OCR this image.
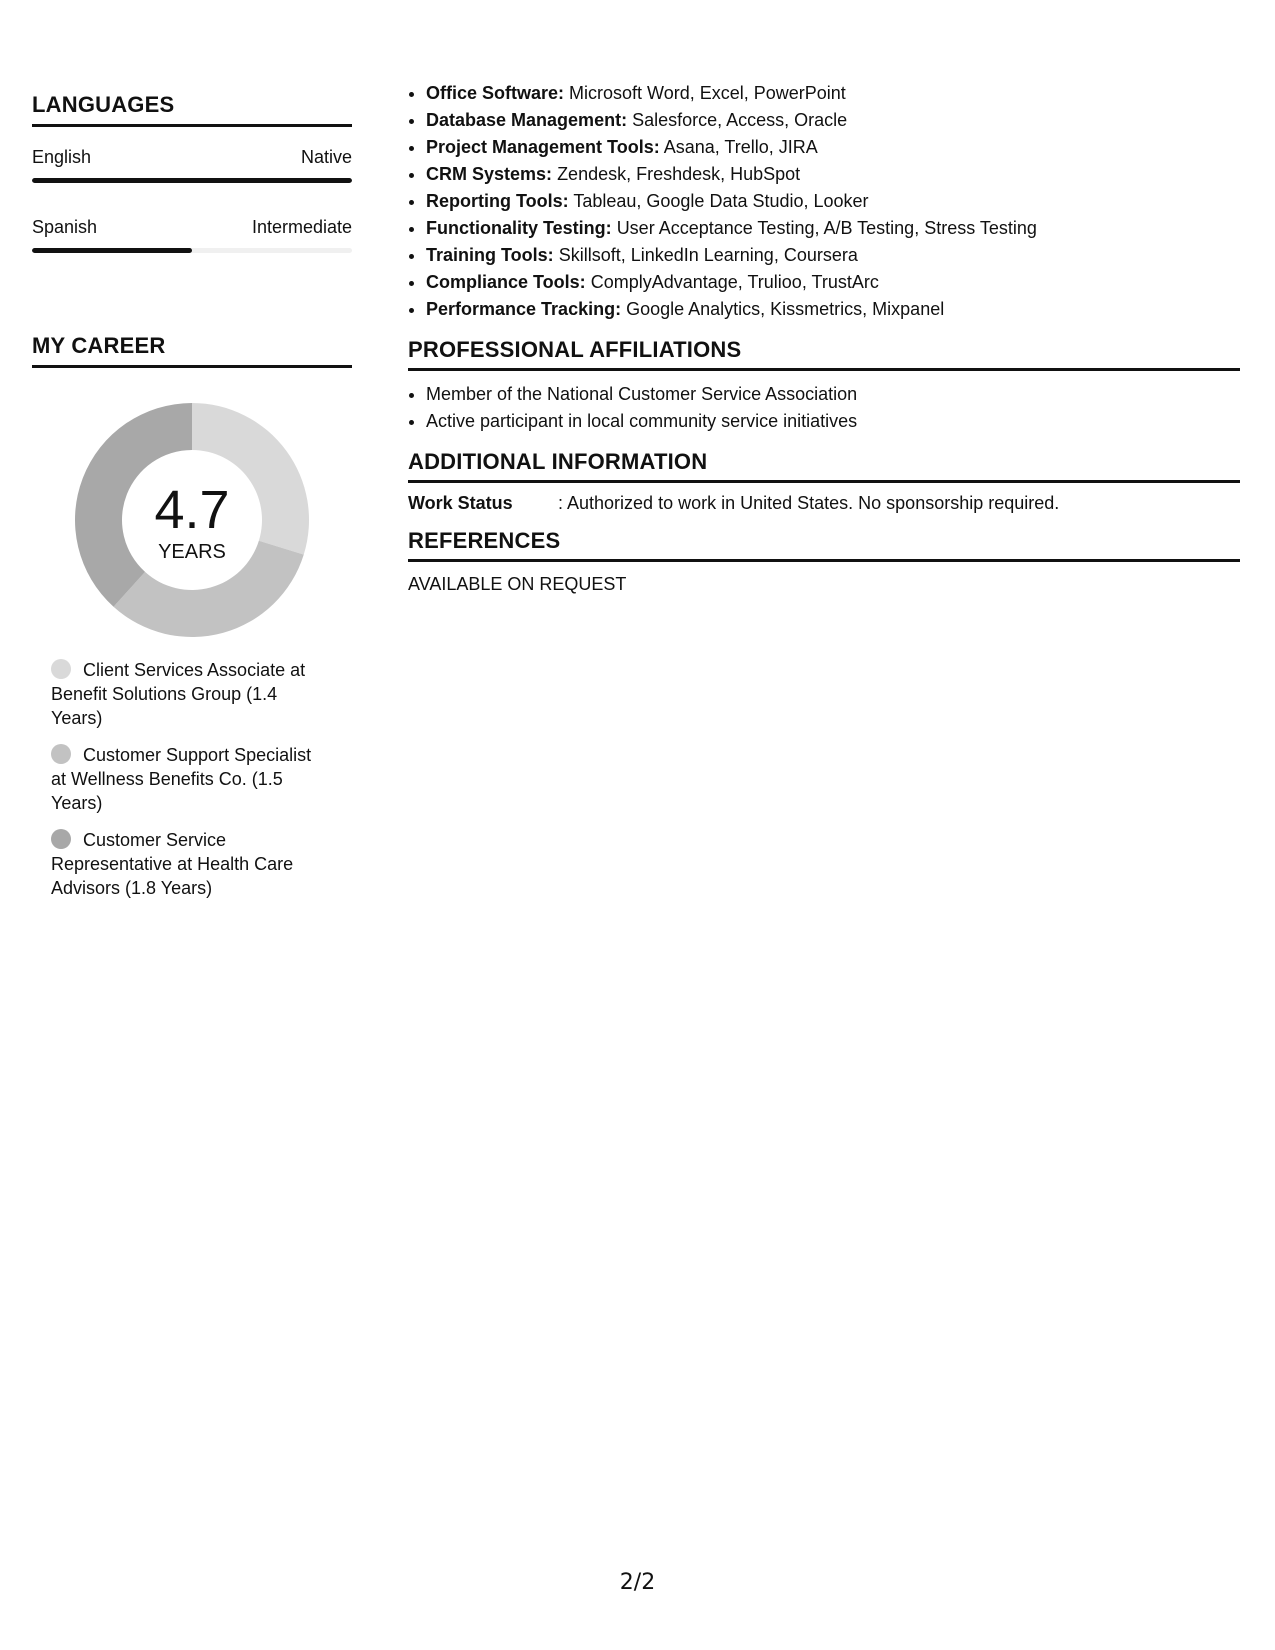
LANGUAGES
English	Native
Spanish	Intermediate
MY CAREER
4.7
YEARS
Client Services Associate at Benefit Solutions Group (1.4 Years)
Customer Support Specialist at Wellness Benefits Co. (1.5 Years)
Customer Service Representative at Health Care Advisors (1.8 Years)
• Office Software: Microsoft Word, Excel, PowerPoint
• Database Management: Salesforce, Access, Oracle
• Project Management Tools: Asana, Trello, JIRA
• CRM Systems: Zendesk, Freshdesk, HubSpot
• Reporting Tools: Tableau, Google Data Studio, Looker
• Functionality Testing: User Acceptance Testing, A/B Testing, Stress Testing
• Training Tools: Skillsoft, LinkedIn Learning, Coursera
• Compliance Tools: ComplyAdvantage, Trulioo, TrustArc
• Performance Tracking: Google Analytics, Kissmetrics, Mixpanel
PROFESSIONAL AFFILIATIONS
• Member of the National Customer Service Association
• Active participant in local community service initiatives
ADDITIONAL INFORMATION
Work Status	: Authorized to work in United States. No sponsorship required.
REFERENCES
AVAILABLE ON REQUEST
2/2
